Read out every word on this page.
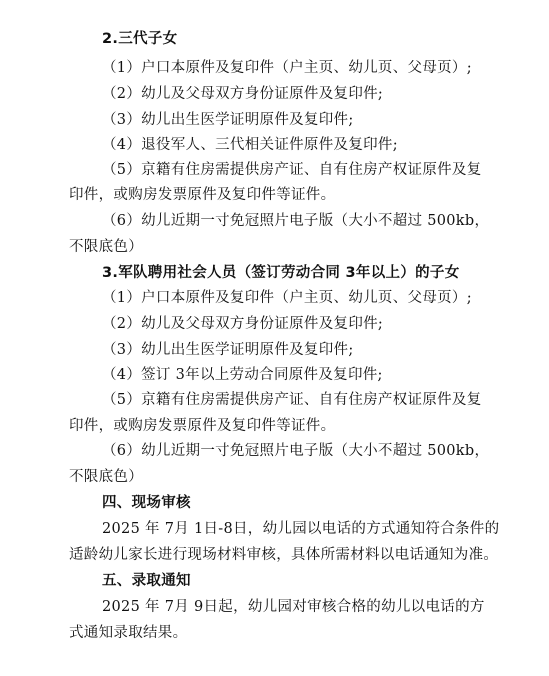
2.三代子女
（1）户口本原件及复印件（户主页、幼儿页、父母页）;
（2）幼儿及父母双方身份证原件及复印件;
（3）幼儿出生医学证明原件及复印件;
（4）退役军人、三代相关证件原件及复印件;
（5）京籍有住房需提供房产证、自有住房产权证原件及复
印件，或购房发票原件及复印件等证件。
（6）幼儿近期一寸免冠照片电子版（大小不超过 500kb，
不限底色）
3.军队聘用社会人员（签订劳动合同 3年以上）的子女
（1）户口本原件及复印件（户主页、幼儿页、父母页）;
（2）幼儿及父母双方身份证原件及复印件;
（3）幼儿出生医学证明原件及复印件;
（4）签订 3年以上劳动合同原件及复印件;
（5）京籍有住房需提供房产证、自有住房产权证原件及复
印件，或购房发票原件及复印件等证件。
（6）幼儿近期一寸免冠照片电子版（大小不超过 500kb，
不限底色）
四、现场审核
2025 年 7月 1日-8日，幼儿园以电话的方式通知符合条件的
适龄幼儿家长进行现场材料审核，具体所需材料以电话通知为准。
五、录取通知
2025 年 7月 9日起，幼儿园对审核合格的幼儿以电话的方
式通知录取结果。
